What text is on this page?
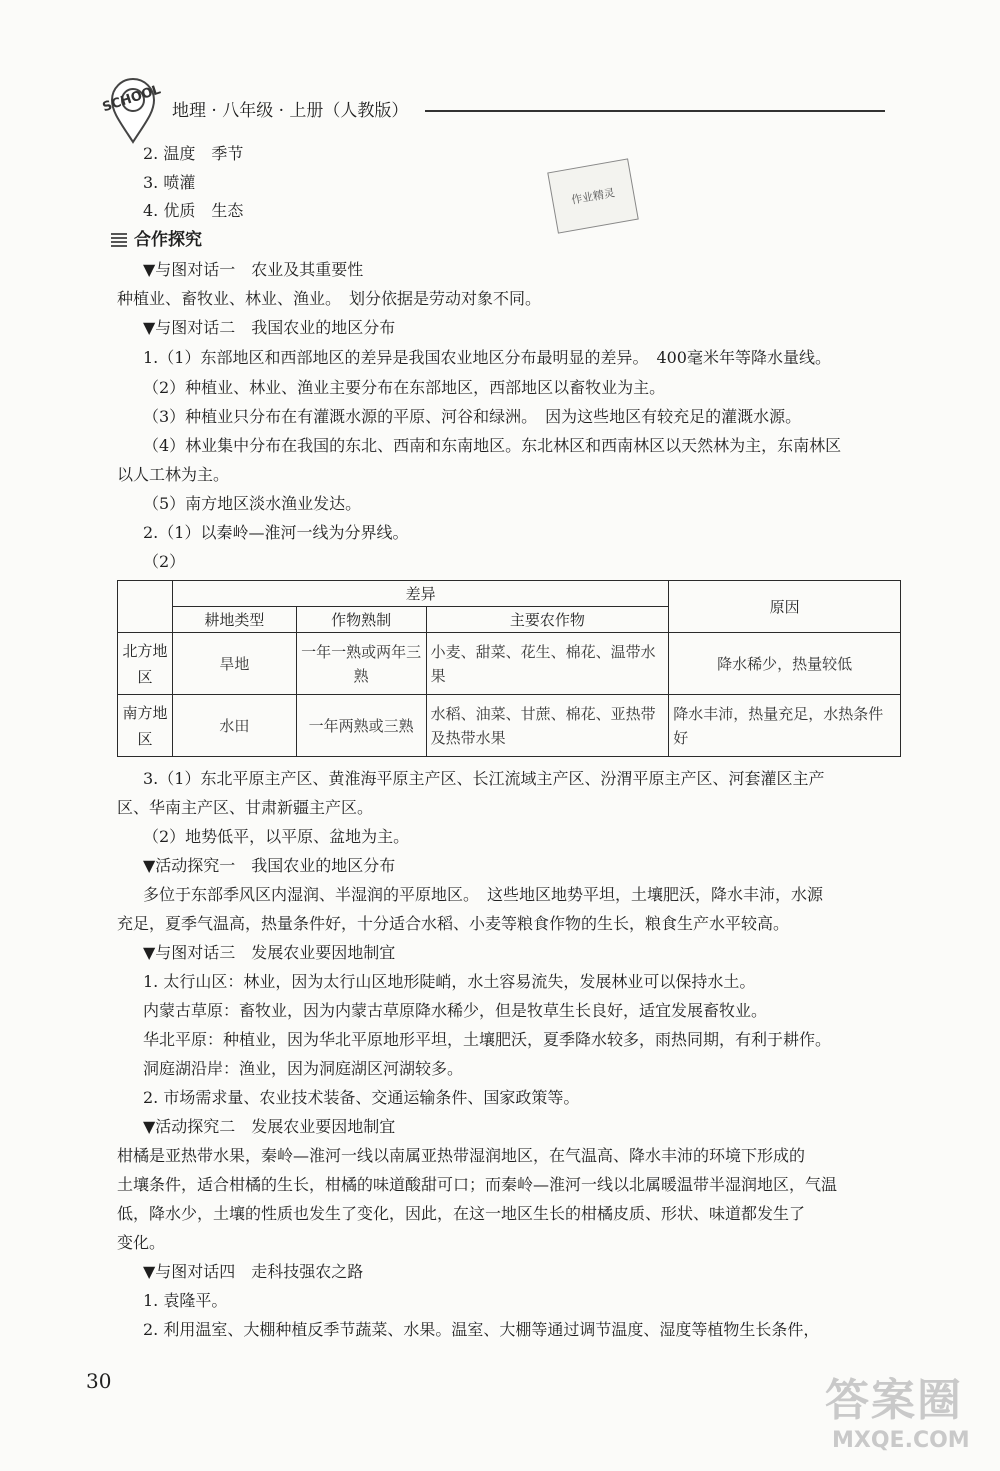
SCHOOL 地理 · 八年级 · 上册（人教版）
2. 温度　季节
3. 喷灌
4. 优质　生态
作业精灵
合作探究
▼与图对话一　农业及其重要性
种植业、畜牧业、林业、渔业。　划分依据是劳动对象不同。
▼与图对话二　我国农业的地区分布
1.（1）东部地区和西部地区的差异是我国农业地区分布最明显的差异。　400毫米年等降水量线。
（2）种植业、林业、渔业主要分布在东部地区，西部地区以畜牧业为主。
（3）种植业只分布在有灌溉水源的平原、河谷和绿洲。　因为这些地区有较充足的灌溉水源。
（4）林业集中分布在我国的东北、西南和东南地区。东北林区和西南林区以天然林为主，东南林区
以人工林为主。
（5）南方地区淡水渔业发达。
2.（1）以秦岭—淮河一线为分界线。
（2）
	差异			原因
	耕地类型	作物熟制	主要农作物	
北方地区	旱地	一年一熟或两年三熟	小麦、甜菜、花生、棉花、温带水果	降水稀少，热量较低
南方地区	水田	一年两熟或三熟	水稻、油菜、甘蔗、棉花、亚热带及热带水果	降水丰沛，热量充足，水热条件好
3.（1）东北平原主产区、黄淮海平原主产区、长江流域主产区、汾渭平原主产区、河套灌区主产
区、华南主产区、甘肃新疆主产区。
（2）地势低平，以平原、盆地为主。
▼活动探究一　我国农业的地区分布
多位于东部季风区内湿润、半湿润的平原地区。　这些地区地势平坦，土壤肥沃，降水丰沛，水源
充足，夏季气温高，热量条件好，十分适合水稻、小麦等粮食作物的生长，粮食生产水平较高。
▼与图对话三　发展农业要因地制宜
1. 太行山区：林业，因为太行山区地形陡峭，水土容易流失，发展林业可以保持水土。
内蒙古草原：畜牧业，因为内蒙古草原降水稀少，但是牧草生长良好，适宜发展畜牧业。
华北平原：种植业，因为华北平原地形平坦，土壤肥沃，夏季降水较多，雨热同期，有利于耕作。
洞庭湖沿岸：渔业，因为洞庭湖区河湖较多。
2. 市场需求量、农业技术装备、交通运输条件、国家政策等。
▼活动探究二　发展农业要因地制宜
柑橘是亚热带水果，秦岭—淮河一线以南属亚热带湿润地区，在气温高、降水丰沛的环境下形成的
土壤条件，适合柑橘的生长，柑橘的味道酸甜可口；而秦岭—淮河一线以北属暖温带半湿润地区，气温
低，降水少，土壤的性质也发生了变化，因此，在这一地区生长的柑橘皮质、形状、味道都发生了
变化。
▼与图对话四　走科技强农之路
1. 袁隆平。
2. 利用温室、大棚种植反季节蔬菜、水果。温室、大棚等通过调节温度、湿度等植物生长条件，
30	答案圈
MXQE.COM
